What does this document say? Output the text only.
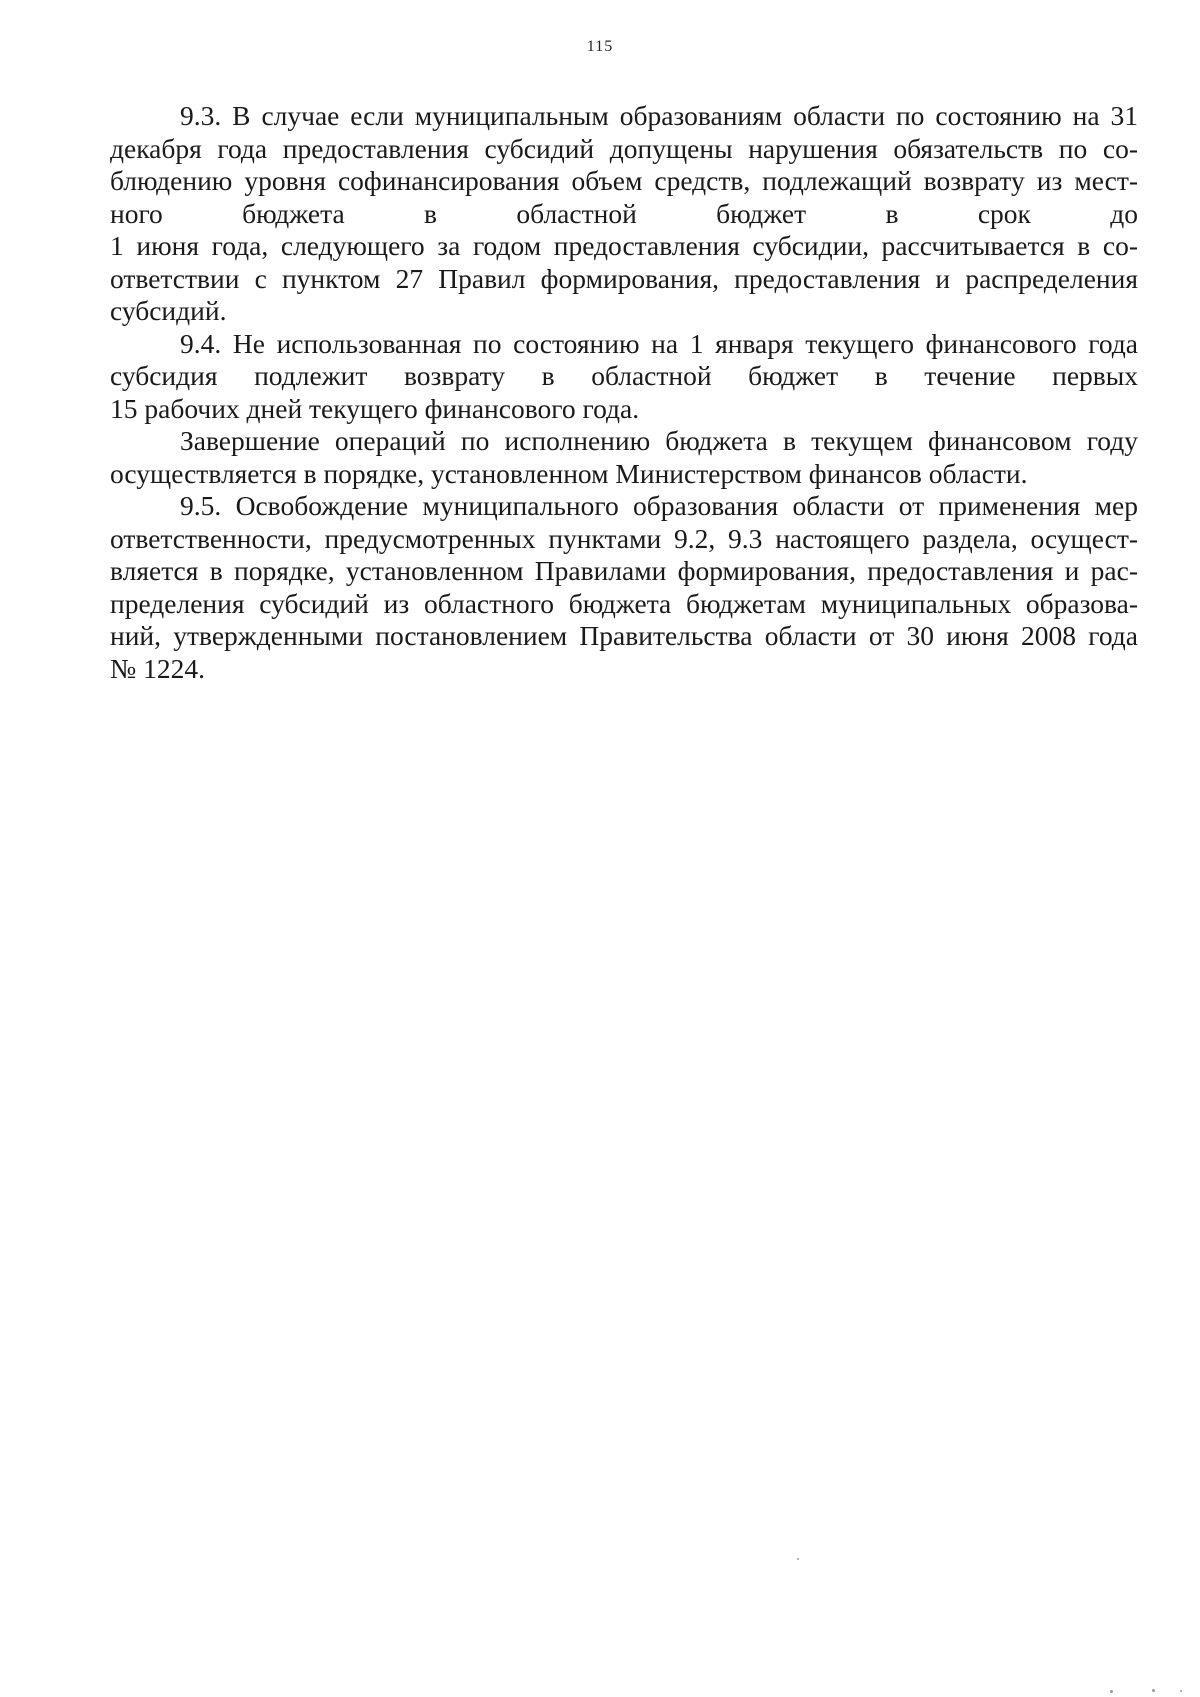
115
9.3. В случае если муниципальным образованиям области по состоянию на 31
декабря года предоставления субсидий допущены нарушения обязательств по со-
блюдению уровня софинансирования объем средств, подлежащий возврату из мест-
ного бюджета в областной бюджет в срок до
1 июня года, следующего за годом предоставления субсидии, рассчитывается в со-
ответствии с пунктом 27 Правил формирования, предоставления и распределения
субсидий.
9.4. Не использованная по состоянию на 1 января текущего финансового года
субсидия подлежит возврату в областной бюджет в течение первых
15 рабочих дней текущего финансового года.
Завершение операций по исполнению бюджета в текущем финансовом году
осуществляется в порядке, установленном Министерством финансов области.
9.5. Освобождение муниципального образования области от применения мер
ответственности, предусмотренных пунктами 9.2, 9.3 настоящего раздела, осущест-
вляется в порядке, установленном Правилами формирования, предоставления и рас-
пределения субсидий из областного бюджета бюджетам муниципальных образова-
ний, утвержденными постановлением Правительства области от 30 июня 2008 года
№ 1224.
